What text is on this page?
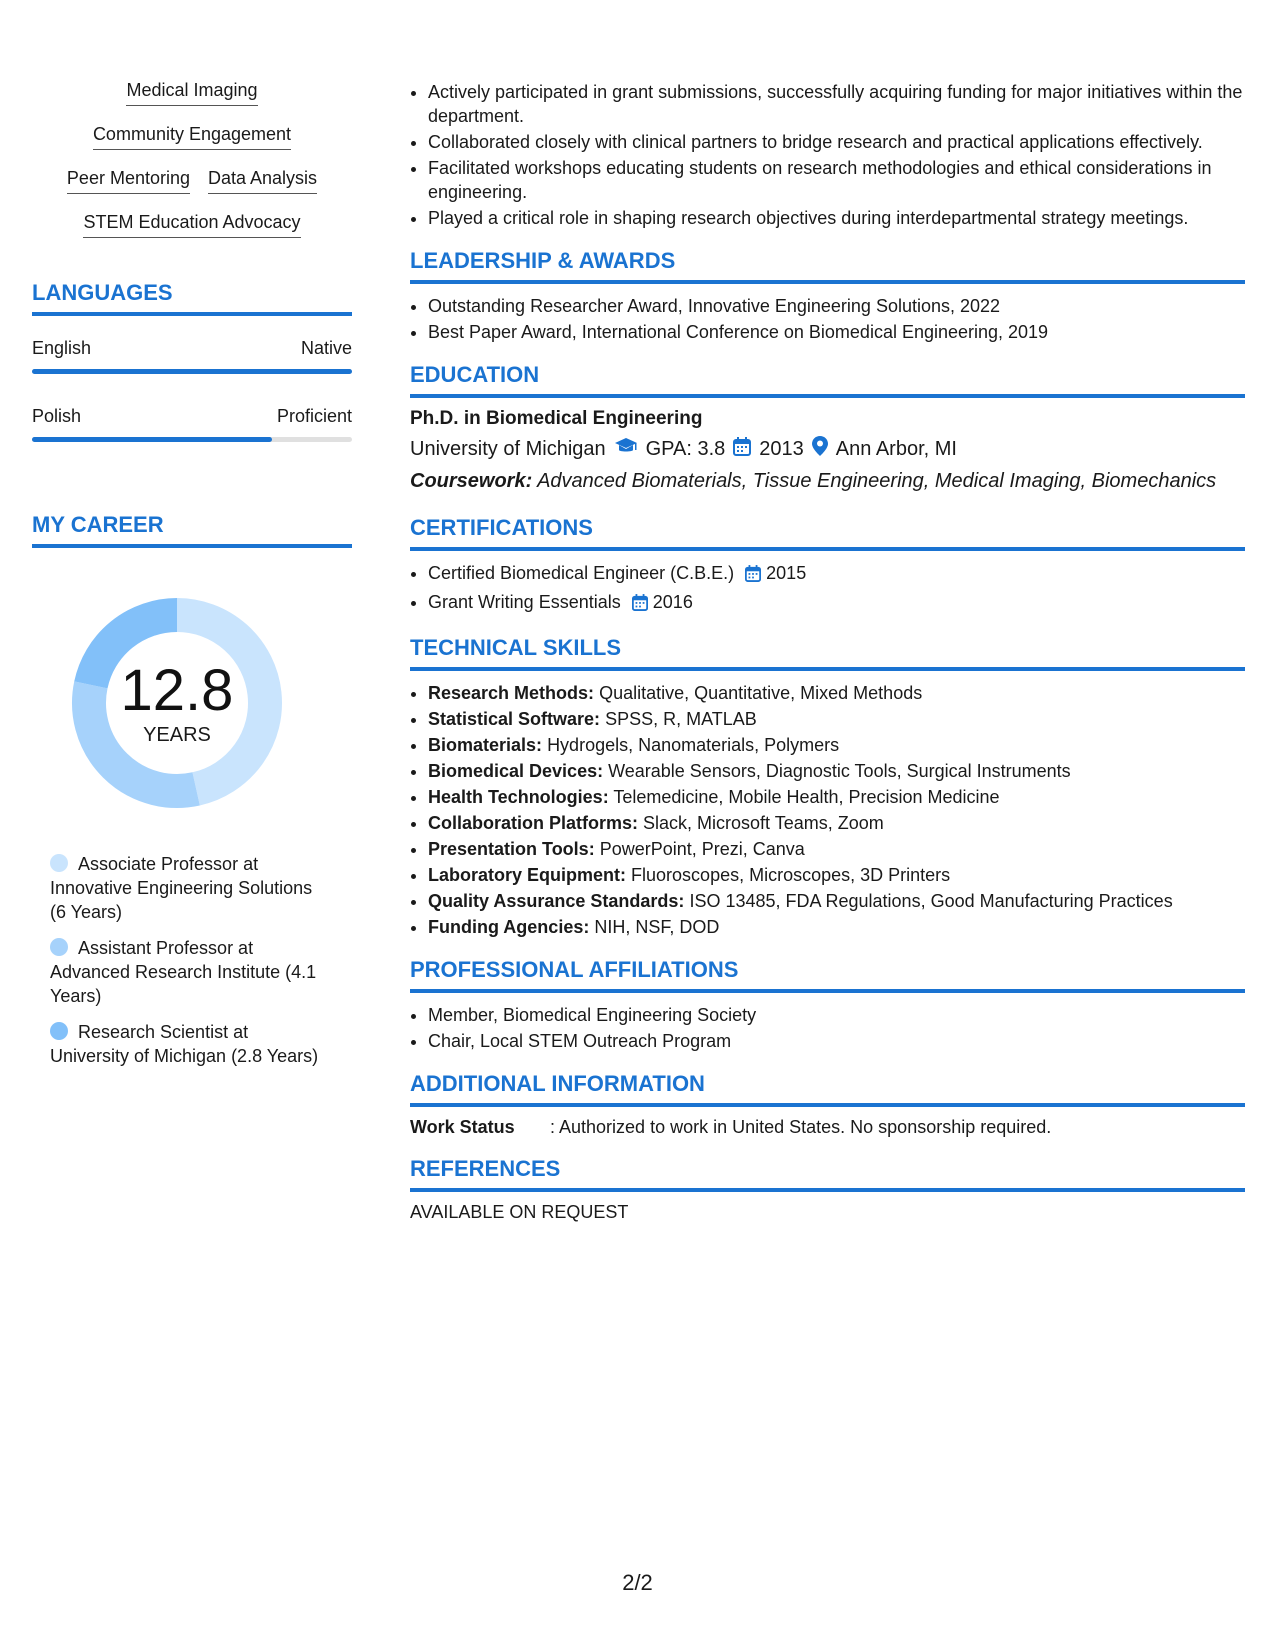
Medical Imaging
Community Engagement
Peer Mentoring Data Analysis
STEM Education Advocacy
LANGUAGES
English	Native
Polish	Proficient
MY CAREER
12.8
YEARS
Associate Professor at Innovative Engineering Solutions (6 Years)
Assistant Professor at Advanced Research Institute (4.1 Years)
Research Scientist at University of Michigan (2.8 Years)
• Actively participated in grant submissions, successfully acquiring funding for major initiatives within the department.
• Collaborated closely with clinical partners to bridge research and practical applications effectively.
• Facilitated workshops educating students on research methodologies and ethical considerations in engineering.
• Played a critical role in shaping research objectives during interdepartmental strategy meetings.
LEADERSHIP & AWARDS
• Outstanding Researcher Award, Innovative Engineering Solutions, 2022
• Best Paper Award, International Conference on Biomedical Engineering, 2019
EDUCATION
Ph.D. in Biomedical Engineering
University of Michigan GPA: 3.8 2013 Ann Arbor, MI
Coursework: Advanced Biomaterials, Tissue Engineering, Medical Imaging, Biomechanics
CERTIFICATIONS
• Certified Biomedical Engineer (C.B.E.) 2015
• Grant Writing Essentials 2016
TECHNICAL SKILLS
• Research Methods: Qualitative, Quantitative, Mixed Methods
• Statistical Software: SPSS, R, MATLAB
• Biomaterials: Hydrogels, Nanomaterials, Polymers
• Biomedical Devices: Wearable Sensors, Diagnostic Tools, Surgical Instruments
• Health Technologies: Telemedicine, Mobile Health, Precision Medicine
• Collaboration Platforms: Slack, Microsoft Teams, Zoom
• Presentation Tools: PowerPoint, Prezi, Canva
• Laboratory Equipment: Fluoroscopes, Microscopes, 3D Printers
• Quality Assurance Standards: ISO 13485, FDA Regulations, Good Manufacturing Practices
• Funding Agencies: NIH, NSF, DOD
PROFESSIONAL AFFILIATIONS
• Member, Biomedical Engineering Society
• Chair, Local STEM Outreach Program
ADDITIONAL INFORMATION
Work Status : Authorized to work in United States. No sponsorship required.
REFERENCES
AVAILABLE ON REQUEST
2/2
